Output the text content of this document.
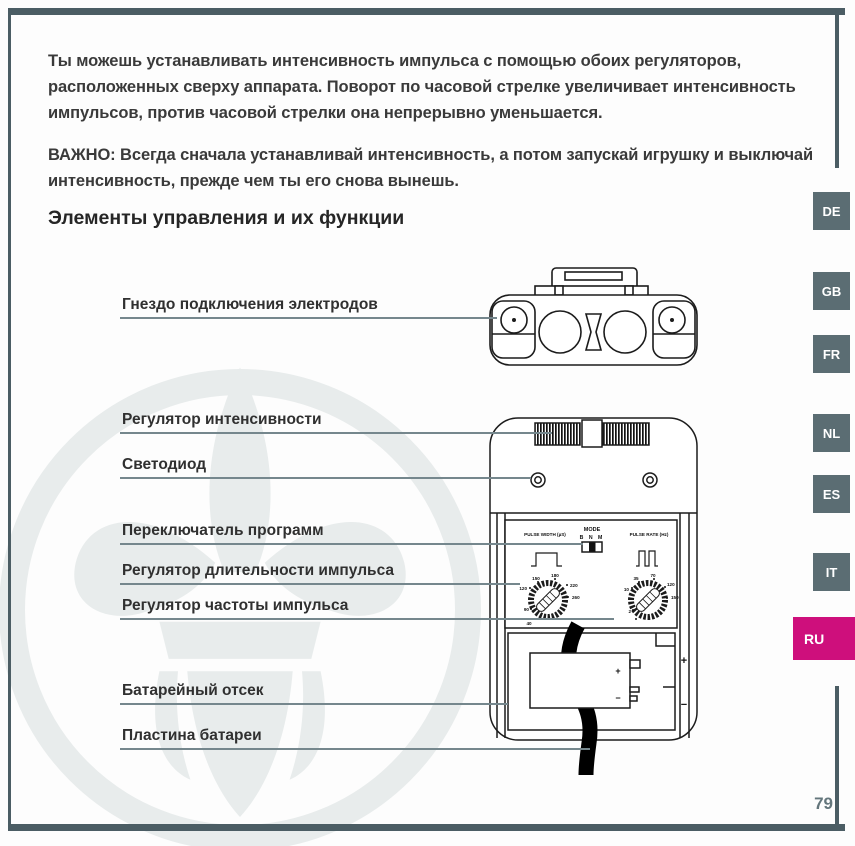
Ты можешь устанавливать интенсивность импульса с помощью обоих регуляторов, расположенных сверху аппарата. Поворот по часовой стрелке увеличивает интенсивность импульсов, против часовой стрелки она непрерывно уменьшается.
ВАЖНО: Всегда сначала устанавливай интенсивность, а потом запускай игрушку и выключай интенсивность, прежде чем ты его снова вынешь.
Элементы управления и их функции
Гнездо подключения электродов
Регулятор интенсивности
Светодиод
Переключатель программ
Регулятор длительности импульса
Регулятор частоты импульса
Батарейный отсек
Пластина батареи
PULSE WIDTH (µS)
MODE
B N M
PULSE RATE (Hz)
120
150
180
220
260
90
40
10
35
70
120
150
2
+
−
+
−
DE
GB
FR
NL
ES
IT
RU
79
